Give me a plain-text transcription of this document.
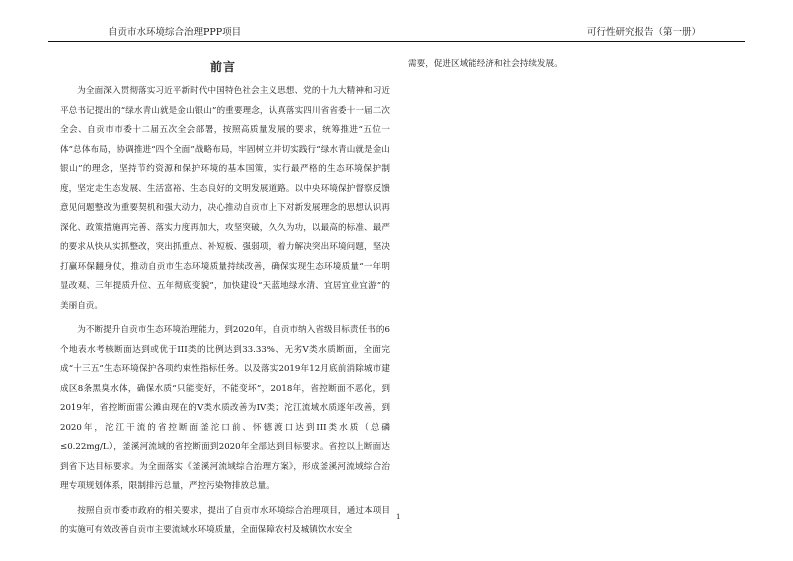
自贡市水环境综合治理PPP项目	可行性研究报告（第一册）
前言

为全面深入贯彻落实习近平新时代中国特色社会主义思想、党的十九大精神和习近平总书记提出的“绿水青山就是金山银山”的重要理念，认真落实四川省省委十一届二次全会、自贡市市委十二届五次全会部署，按照高质量发展的要求，统筹推进“五位一体”总体布局，协调推进“四个全面”战略布局，牢固树立并切实践行“绿水青山就是金山银山”的理念，坚持节约资源和保护环境的基本国策，实行最严格的生态环境保护制度，坚定走生态发展、生活富裕、生态良好的文明发展道路。以中央环境保护督察反馈意见问题整改为重要契机和强大动力，决心推动自贡市上下对新发展理念的思想认识再深化、政策措施再完善、落实力度再加大，攻坚突破，久久为功，以最高的标准、最严的要求从快从实抓整改，突出抓重点、补短板、强弱项，着力解决突出环境问题，坚决打赢环保翻身仗，推动自贡市生态环境质量持续改善，确保实现生态环境质量“一年明显改观、三年提质升位、五年彻底变貌”，加快建设“天蓝地绿水清、宜居宜业宜游”的美丽自贡。

为不断提升自贡市生态环境治理能力，到2020年，自贡市纳入省级目标责任书的6个地表水考核断面达到或优于III类的比例达到33.33%、无劣V类水质断面，全面完成“十三五”生态环境保护各项约束性指标任务。以及落实2019年12月底前消除城市建成区8条黑臭水体，确保水质“只能变好，不能变坏”，2018年，省控断面不恶化，到2019年，省控断面雷公滩由现在的V类水质改善为IV类；沱江流域水质逐年改善，到2020年，沱江干流的省控断面釜沱口前、怀德渡口达到III类水质（总磷≤0.22mg/L），釜溪河流域的省控断面到2020年全部达到目标要求。省控以上断面达到省下达目标要求。为全面落实《釜溪河流域综合治理方案》，形成釜溪河流域综合治理专项规划体系，限制排污总量，严控污染物排放总量。

按照自贡市委市政府的相关要求，提出了自贡市水环境综合治理项目，通过本项目的实施可有效改善自贡市主要流域水环境质量，全面保障农村及城镇饮水安全

需要，促进区域能经济和社会持续发展。

1
